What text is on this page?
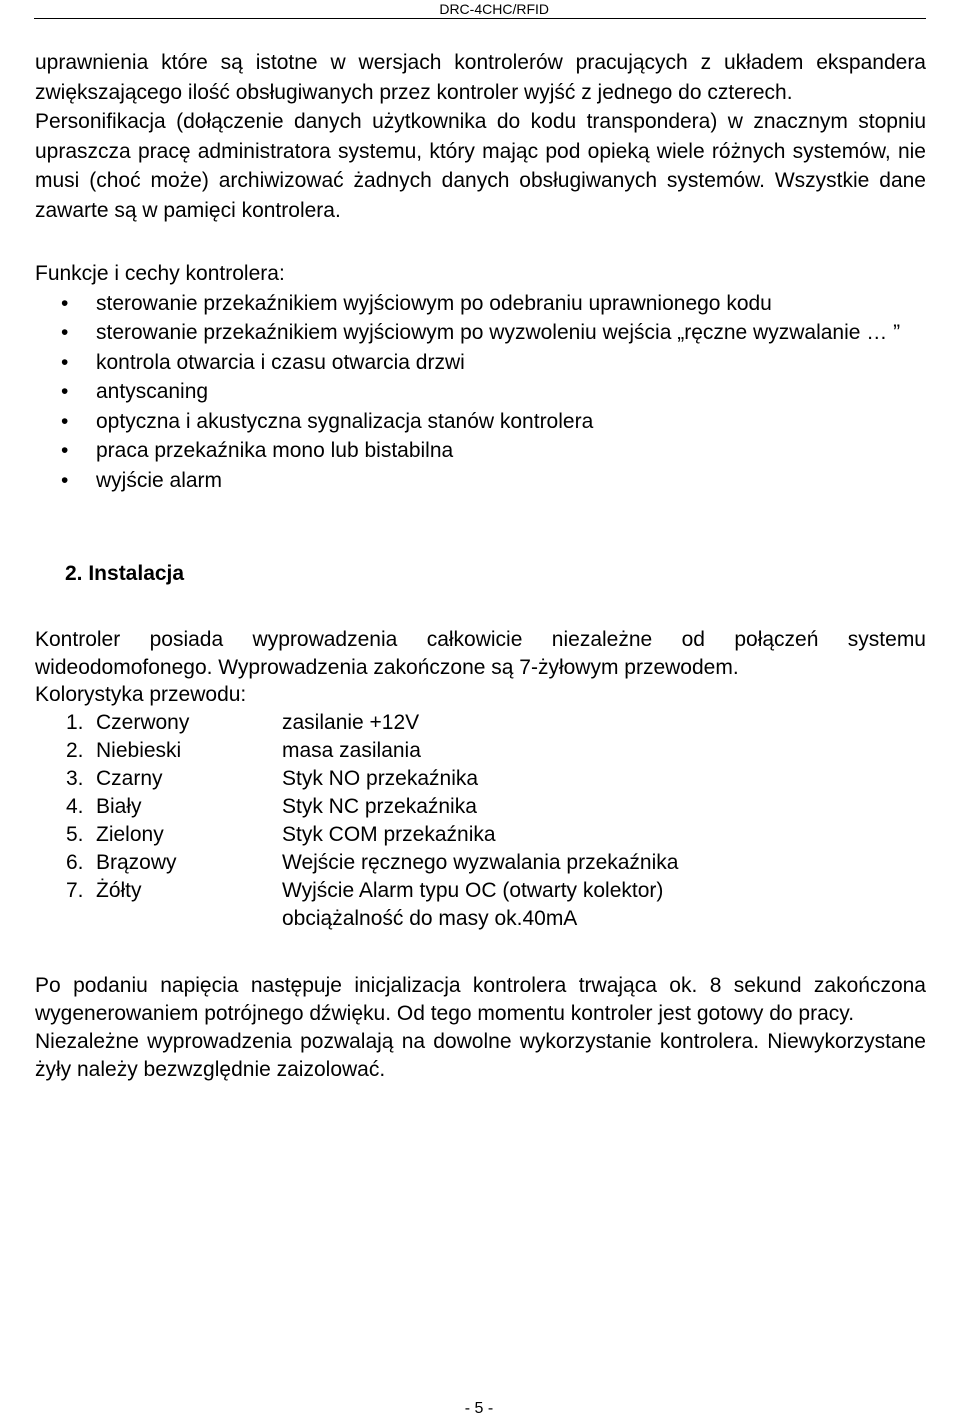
DRC-4CHC/RFID

uprawnienia które są istotne w wersjach kontrolerów pracujących z układem ekspandera zwiększającego ilość obsługiwanych przez kontroler wyjść z jednego do czterech.

Personifikacja (dołączenie danych użytkownika do kodu transpondera) w znacznym stopniu upraszcza pracę administratora systemu, który mając pod opieką wiele różnych systemów, nie musi (choć może) archiwizować żadnych danych obsługiwanych systemów. Wszystkie dane zawarte są w pamięci kontrolera.

Funkcje i cechy kontrolera:

• sterowanie przekaźnikiem wyjściowym po odebraniu uprawnionego kodu
• sterowanie przekaźnikiem wyjściowym po wyzwoleniu wejścia „ręczne wyzwalanie … ”
• kontrola otwarcia i czasu otwarcia drzwi
• antyscaning
• optyczna i akustyczna sygnalizacja stanów kontrolera
• praca przekaźnika mono lub bistabilna
• wyjście alarm
2. Instalacja

Kontroler posiada wyprowadzenia całkowicie niezależne od połączeń systemu wideodomofonego. Wyprowadzenia zakończone są 7-żyłowym przewodem.

Kolorystyka przewodu:

1. Czerwony	zasilanie +12V
2. Niebieski	masa zasilania
3. Czarny	Styk NO przekaźnika
4. Biały	Styk NC przekaźnika
5. Zielony	Styk COM przekaźnika
6. Brązowy	Wejście ręcznego wyzwalania przekaźnika
7. Żółty	Wyjście Alarm typu OC (otwarty kolektor)
obciążalność do masy ok.40mA

Po podaniu napięcia następuje inicjalizacja kontrolera trwająca ok. 8 sekund zakończona wygenerowaniem potrójnego dźwięku. Od tego momentu kontroler jest gotowy do pracy.

Niezależne wyprowadzenia pozwalają na dowolne wykorzystanie kontrolera. Niewykorzystane żyły należy bezwzględnie zaizolować.

- 5 -
